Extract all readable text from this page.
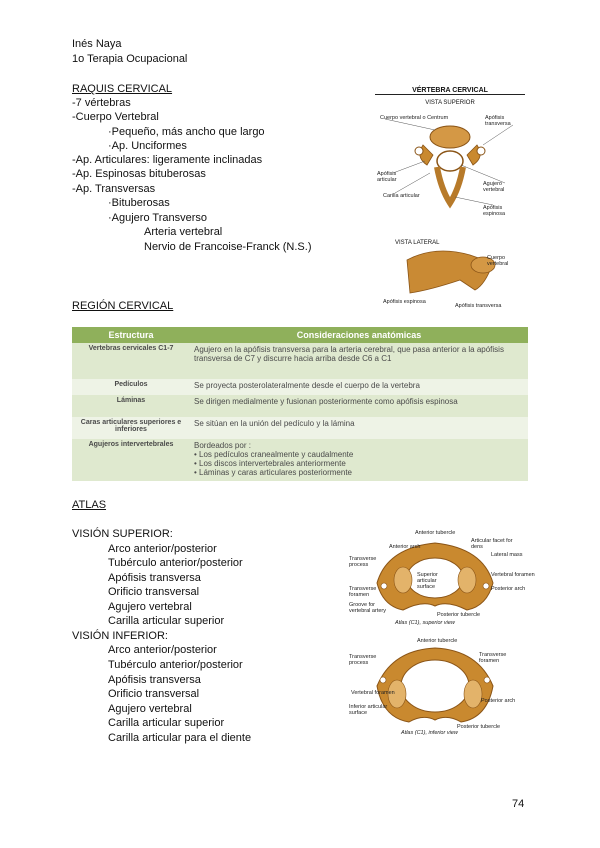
Inés Naya
1o Terapia Ocupacional
RAQUIS CERVICAL
-7 vértebras
-Cuerpo Vertebral
·Pequeño, más ancho que largo
·Ap. Unciformes
-Ap. Articulares: ligeramente inclinadas
-Ap. Espinosas bituberosas
-Ap. Transversas
·Bituberosas
·Agujero Transverso
Arteria vertebral
Nervio de Francoise-Franck (N.S.)
VÉRTEBRA CERVICAL
VISTA SUPERIOR
Cuerpo vertebral o Centrum	Apófisis transversa
Apófisis articular
Agujero vertebral
Carilla articular
Apófisis espinosa
VISTA LATERAL
Cuerpo vertebral
Apófisis espinosa
Apófisis transversa
REGIÓN CERVICAL
Estructura	Consideraciones anatómicas
Vertebras cervicales C1-7	Agujero en la apófisis transversa para la arteria cerebral, que pasa anterior a la apófisis transversa de C7 y discurre hacia arriba desde C6 a C1
Pedículos	Se proyecta posterolateralmente desde el cuerpo de la vertebra
Láminas	Se dirigen medialmente y fusionan posteriormente como apófisis espinosa
Caras articulares superiores e inferiores	Se sitúan en la unión del pedículo y la lámina
Agujeros intervertebrales	Bordeados por :
• Los pedículos cranealmente y caudalmente
• Los discos intervertebrales anteriormente
• Láminas y caras articulares posteriormente
ATLAS
VISIÓN SUPERIOR:
Arco anterior/posterior
Tubérculo anterior/posterior
Apófisis transversa
Orificio transversal
Agujero vertebral
Carilla articular superior
VISIÓN INFERIOR:
Arco anterior/posterior
Tubérculo anterior/posterior
Apófisis transversa
Orificio transversal
Agujero vertebral
Carilla articular superior
Carilla articular para el diente
Anterior tubercle
Anterior arch
Articular facet for dens
Lateral mass
Transverse process
Transverse foramen
Superior articular surface
Vertebral foramen
Posterior arch
Posterior tubercle
Groove for vertebral artery
Atlas (C1), superior view
Anterior tubercle
Transverse process
Transverse foramen
Posterior arch
Posterior tubercle
Inferior articular surface
Vertebral foramen
Atlas (C1), inferior view
74
